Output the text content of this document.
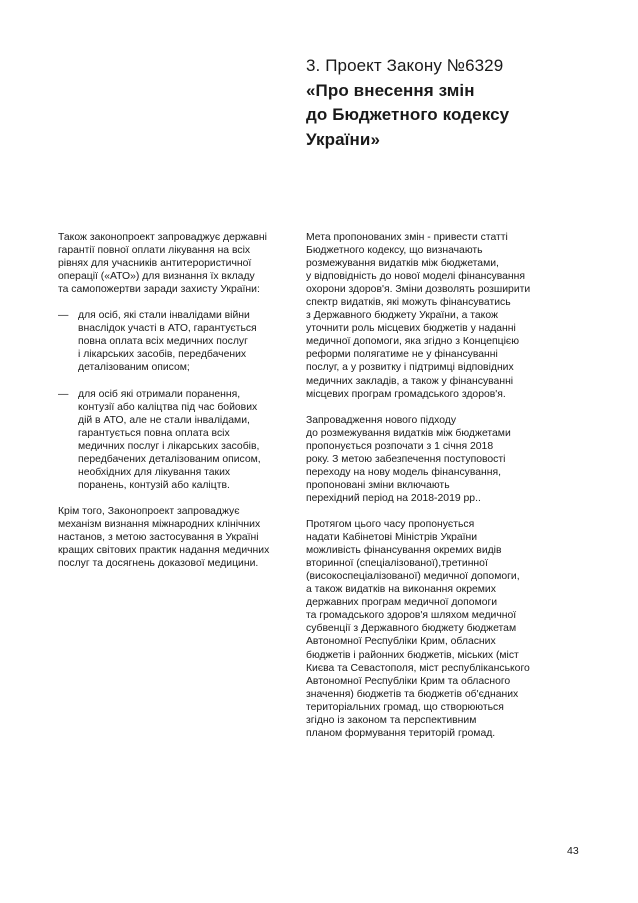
3. Проект Закону №6329
«Про внесення змін
до Бюджетного кодексу
України»
Також законопроект запроваджує державні
гарантії повної оплати лікування на всіх
рівнях для учасників антитерористичної
операції («АТО») для визнання їх вкладу
та самопожертви заради захисту України:
— для осіб, які стали інвалідами війни
внаслідок участі в АТО, гарантується
повна оплата всіх медичних послуг
і лікарських засобів, передбачених
деталізованим описом;
— для осіб які отримали поранення,
контузії або каліцтва під час бойових
дій в АТО, але не стали інвалідами,
гарантується повна оплата всіх
медичних послуг і лікарських засобів,
передбачених деталізованим описом,
необхідних для лікування таких
поранень, контузій або каліцтв.
Крім того, Законопроект запроваджує
механізм визнання міжнародних клінічних
настанов, з метою застосування в Україні
кращих світових практик надання медичних
послуг та досягнень доказової медицини.
Мета пропонованих змін - привести статті
Бюджетного кодексу, що визначають
розмежування видатків між бюджетами,
у відповідність до нової моделі фінансування
охорони здоров'я. Зміни дозволять розширити
спектр видатків, які можуть фінансуватись
з Державного бюджету України, а також
уточнити роль місцевих бюджетів у наданні
медичної допомоги, яка згідно з Концепцією
реформи полягатиме не у фінансуванні
послуг, а у розвитку і підтримці відповідних
медичних закладів, а також у фінансуванні
місцевих програм громадського здоров'я.
Запровадження нового підходу
до розмежування видатків між бюджетами
пропонується розпочати з 1 січня 2018
року. З метою забезпечення поступовості
переходу на нову модель фінансування,
пропоновані зміни включають
перехідний період на 2018-2019 рр..
Протягом цього часу пропонується
надати Кабінетові Міністрів України
можливість фінансування окремих видів
вторинної (спеціалізованої),третинної
(високоспеціалізованої) медичної допомоги,
а також видатків на виконання окремих
державних програм медичної допомоги
та громадського здоров'я шляхом медичної
субвенції з Державного бюджету бюджетам
Автономної Республіки Крим, обласних
бюджетів і районних бюджетів, міських (міст
Києва та Севастополя, міст республіканського
Автономної Республіки Крим та обласного
значення) бюджетів та бюджетів об'єднаних
територіальних громад, що створюються
згідно із законом та перспективним
планом формування територій громад.
43
